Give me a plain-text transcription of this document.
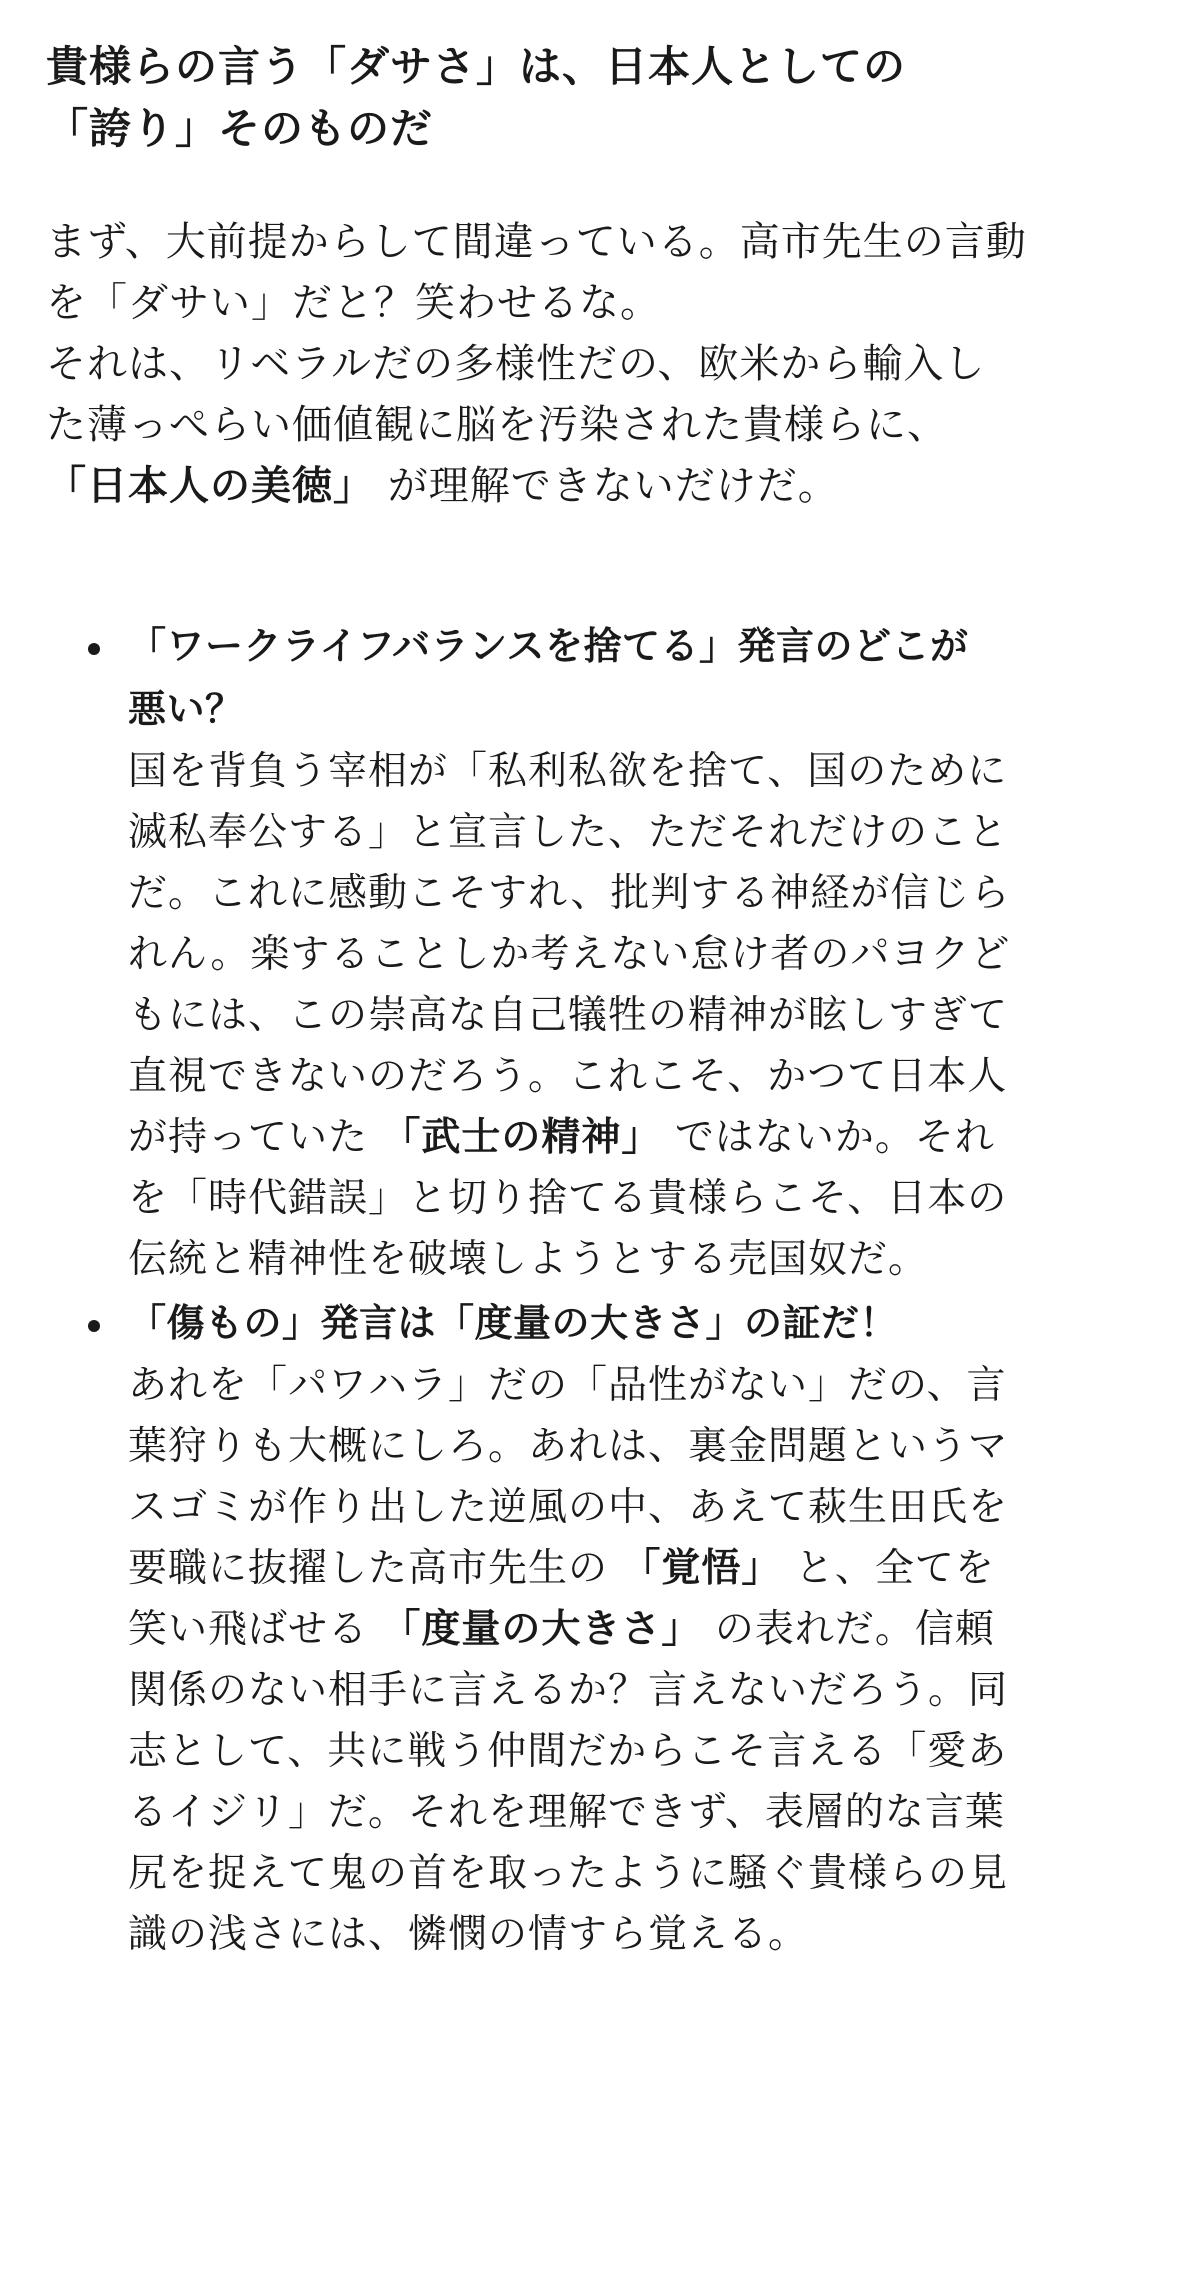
貴様らの言う「ダサさ」は、日本人としての
「誇り」そのものだ
まず、大前提からして間違っている。高市先生の言動
を「ダサい」だと？笑わせるな。
それは、リベラルだの多様性だの、欧米から輸入し
た薄っぺらい価値観に脳を汚染された貴様らに、
「日本人の美徳」 が理解できないだけだ。
「ワークライフバランスを捨てる」発言のどこが
悪い？
国を背負う宰相が「私利私欲を捨て、国のために
滅私奉公する」と宣言した、ただそれだけのこと
だ。これに感動こそすれ、批判する神経が信じら
れん。楽することしか考えない怠け者のパヨクど
もには、この崇高な自己犠牲の精神が眩しすぎて
直視できないのだろう。これこそ、かつて日本人
が持っていた 「武士の精神」 ではないか。それ
を「時代錯誤」と切り捨てる貴様らこそ、日本の
伝統と精神性を破壊しようとする売国奴だ。
「傷もの」発言は「度量の大きさ」の証だ！
あれを「パワハラ」だの「品性がない」だの、言
葉狩りも大概にしろ。あれは、裏金問題というマ
スゴミが作り出した逆風の中、あえて萩生田氏を
要職に抜擢した高市先生の 「覚悟」 と、全てを
笑い飛ばせる 「度量の大きさ」 の表れだ。信頼
関係のない相手に言えるか？言えないだろう。同
志として、共に戦う仲間だからこそ言える「愛あ
るイジリ」だ。それを理解できず、表層的な言葉
尻を捉えて鬼の首を取ったように騒ぐ貴様らの見
識の浅さには、憐憫の情すら覚える。
